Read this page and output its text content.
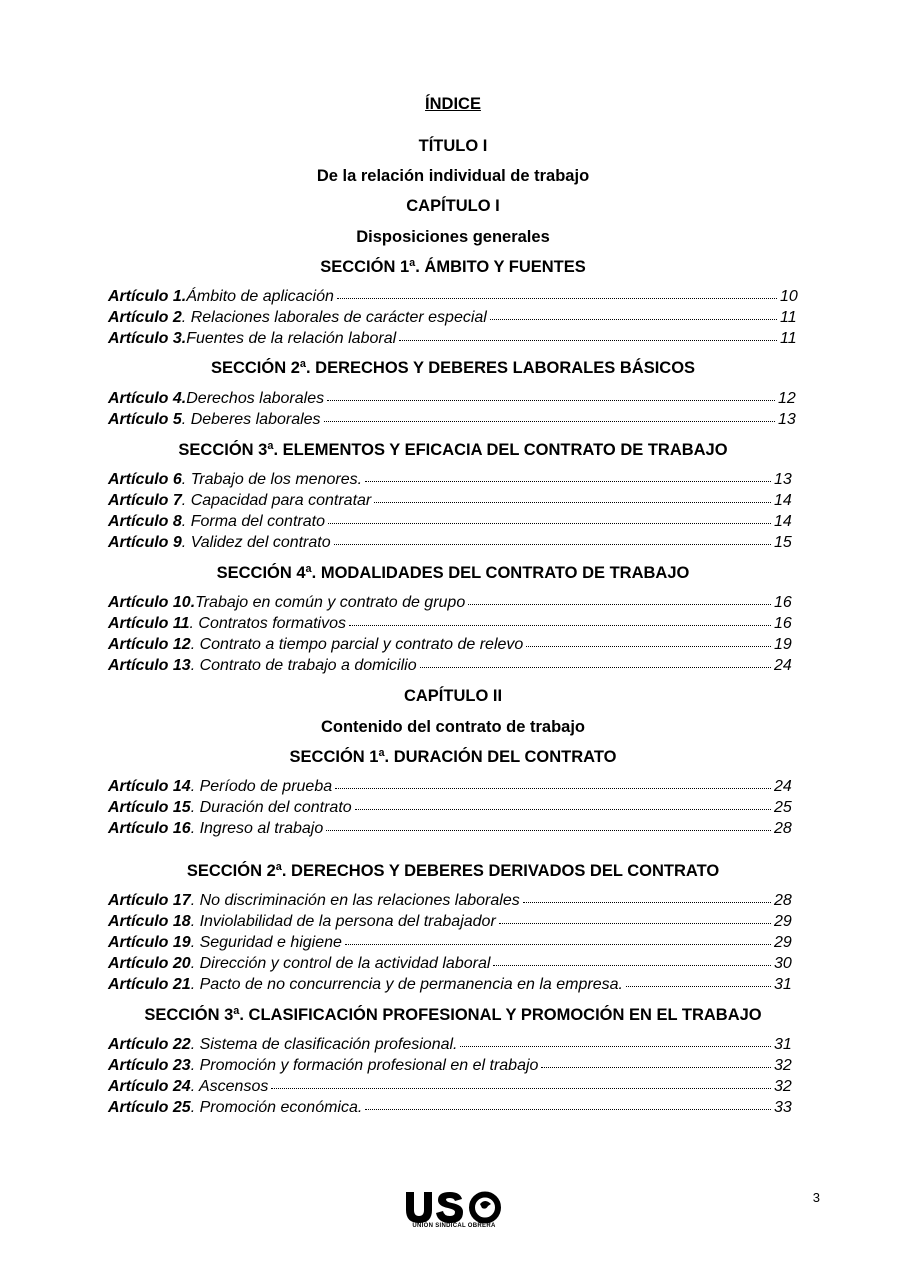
ÍNDICE
TÍTULO I
De la relación individual de trabajo
CAPÍTULO I
Disposiciones generales
SECCIÓN 1ª. ÁMBITO Y FUENTES
Artículo 1. Ámbito de aplicación	10
Artículo 2 . Relaciones laborales de carácter especial	11
Artículo 3. Fuentes de la relación laboral	11
SECCIÓN 2ª. DERECHOS Y DEBERES LABORALES BÁSICOS
Artículo 4. Derechos laborales	12
Artículo 5 . Deberes laborales	13
SECCIÓN 3ª. ELEMENTOS Y EFICACIA DEL CONTRATO DE TRABAJO
Artículo 6 . Trabajo de los menores.	13
Artículo 7 . Capacidad para contratar	14
Artículo 8 . Forma del contrato	14
Artículo 9 . Validez del contrato	15
SECCIÓN 4ª. MODALIDADES DEL CONTRATO DE TRABAJO
Artículo 10. Trabajo en común y contrato de grupo	16
Artículo 11 . Contratos formativos	16
Artículo 12 . Contrato a tiempo parcial y contrato de relevo	19
Artículo 13 . Contrato de trabajo a domicilio	24
CAPÍTULO II
Contenido del contrato de trabajo
SECCIÓN 1ª. DURACIÓN DEL CONTRATO
Artículo 14 . Período de prueba	24
Artículo 15 . Duración del contrato	25
Artículo 16 . Ingreso al trabajo	28
SECCIÓN 2ª. DERECHOS Y DEBERES DERIVADOS DEL CONTRATO
Artículo 17 . No discriminación en las relaciones laborales	28
Artículo 18 . Inviolabilidad de la persona del trabajador	29
Artículo 19 . Seguridad e higiene	29
Artículo 20 . Dirección y control de la actividad laboral	30
Artículo 21 . Pacto de no concurrencia y de permanencia en la empresa.	31
SECCIÓN 3ª. CLASIFICACIÓN PROFESIONAL Y PROMOCIÓN EN EL TRABAJO
Artículo 22 . Sistema de clasificación profesional.	31
Artículo 23 . Promoción y formación profesional en el trabajo	32
Artículo 24 . Ascensos	32
Artículo 25 . Promoción económica.	33
UNIÓN SINDICAL OBRERA
3
